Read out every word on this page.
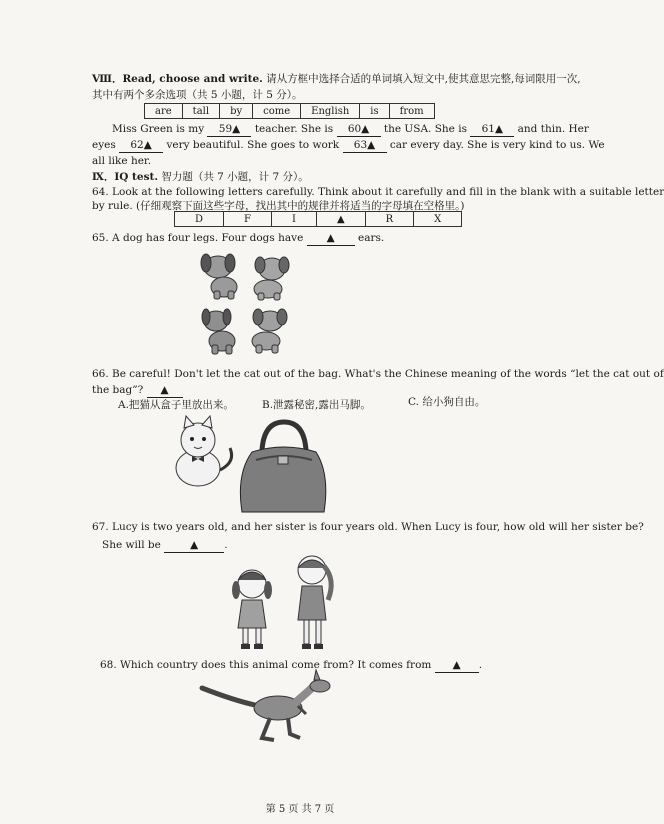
Ⅷ．Read, choose and write. 请从方框中选择合适的单词填入短文中,使其意思完整,每词限用一次,
其中有两个多余选项（共 5 小题，计 5 分）。
are	tall	by	come	English	is	from
Miss Green is my 59▲ teacher. She is 60▲ the USA. She is 61▲ and thin. Her
eyes 62▲ very beautiful. She goes to work 63▲ car every day. She is very kind to us. We
all like her.
Ⅸ．IQ test. 智力题（共 7 小题，计 7 分）。
64. Look at the following letters carefully. Think about it carefully and fill in the blank with a suitable letter
by rule. (仔细观察下面这些字母，找出其中的规律并将适当的字母填在空格里。)
D	F	I	▲	R	X
65. A dog has four legs. Four dogs have ▲ ears.
66. Be careful! Don't let the cat out of the bag. What's the Chinese meaning of the words “let the cat out of
the bag”? ▲
A.把猫从盒子里放出来。	B.泄露秘密,露出马脚。	C. 给小狗自由。
67. Lucy is two years old, and her sister is four years old. When Lucy is four, how old will her sister be?
She will be	▲ .
68. Which country does this animal come from? It comes from ▲ .
第 5 页 共 7 页
